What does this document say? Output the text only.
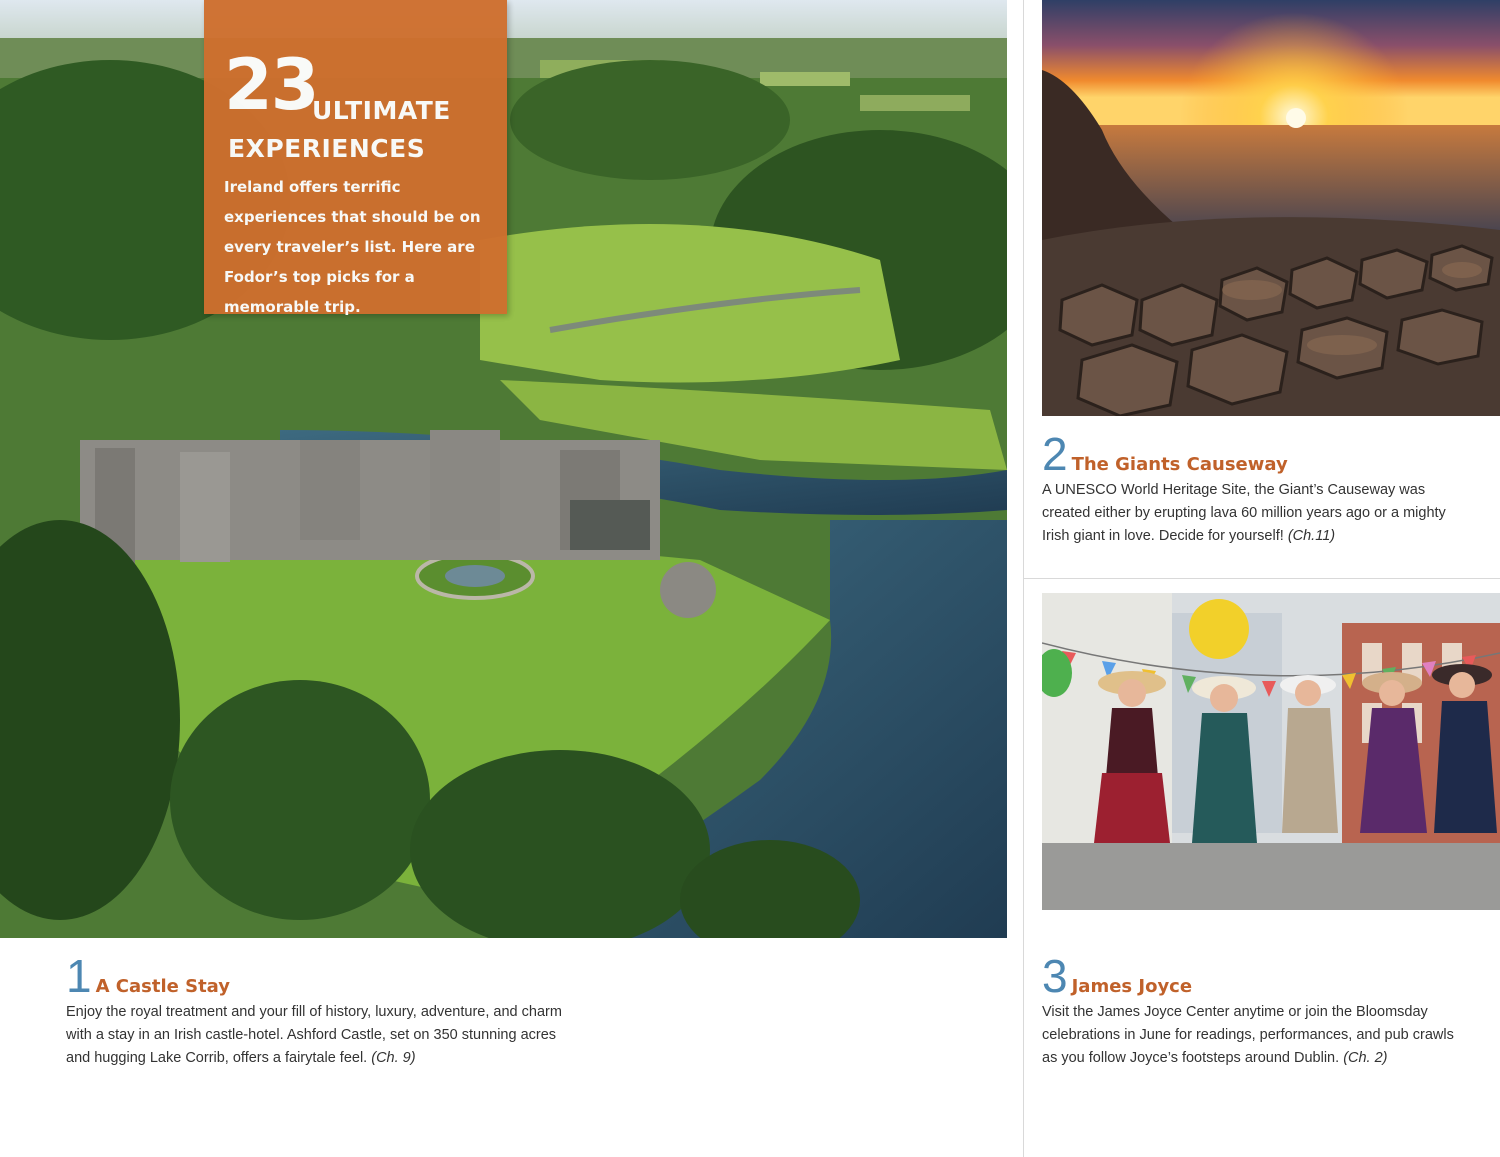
23
ULTIMATE
EXPERIENCES
Ireland offers terrific experiences that should be on every traveler’s list. Here are Fodor’s top picks for a memorable trip.
1 A Castle Stay
Enjoy the royal treatment and your fill of history, luxury, adventure, and charm with a stay in an Irish castle-hotel. Ashford Castle, set on 350 stunning acres and hugging Lake Corrib, offers a fairytale feel. (Ch. 9)
2 The Giants Causeway
A UNESCO World Heritage Site, the Giant’s Causeway was created either by erupting lava 60 million years ago or a mighty Irish giant in love. Decide for yourself! (Ch.11)
3 James Joyce
Visit the James Joyce Center anytime or join the Bloomsday celebrations in June for readings, performances, and pub crawls as you follow Joyce’s footsteps around Dublin. (Ch. 2)
